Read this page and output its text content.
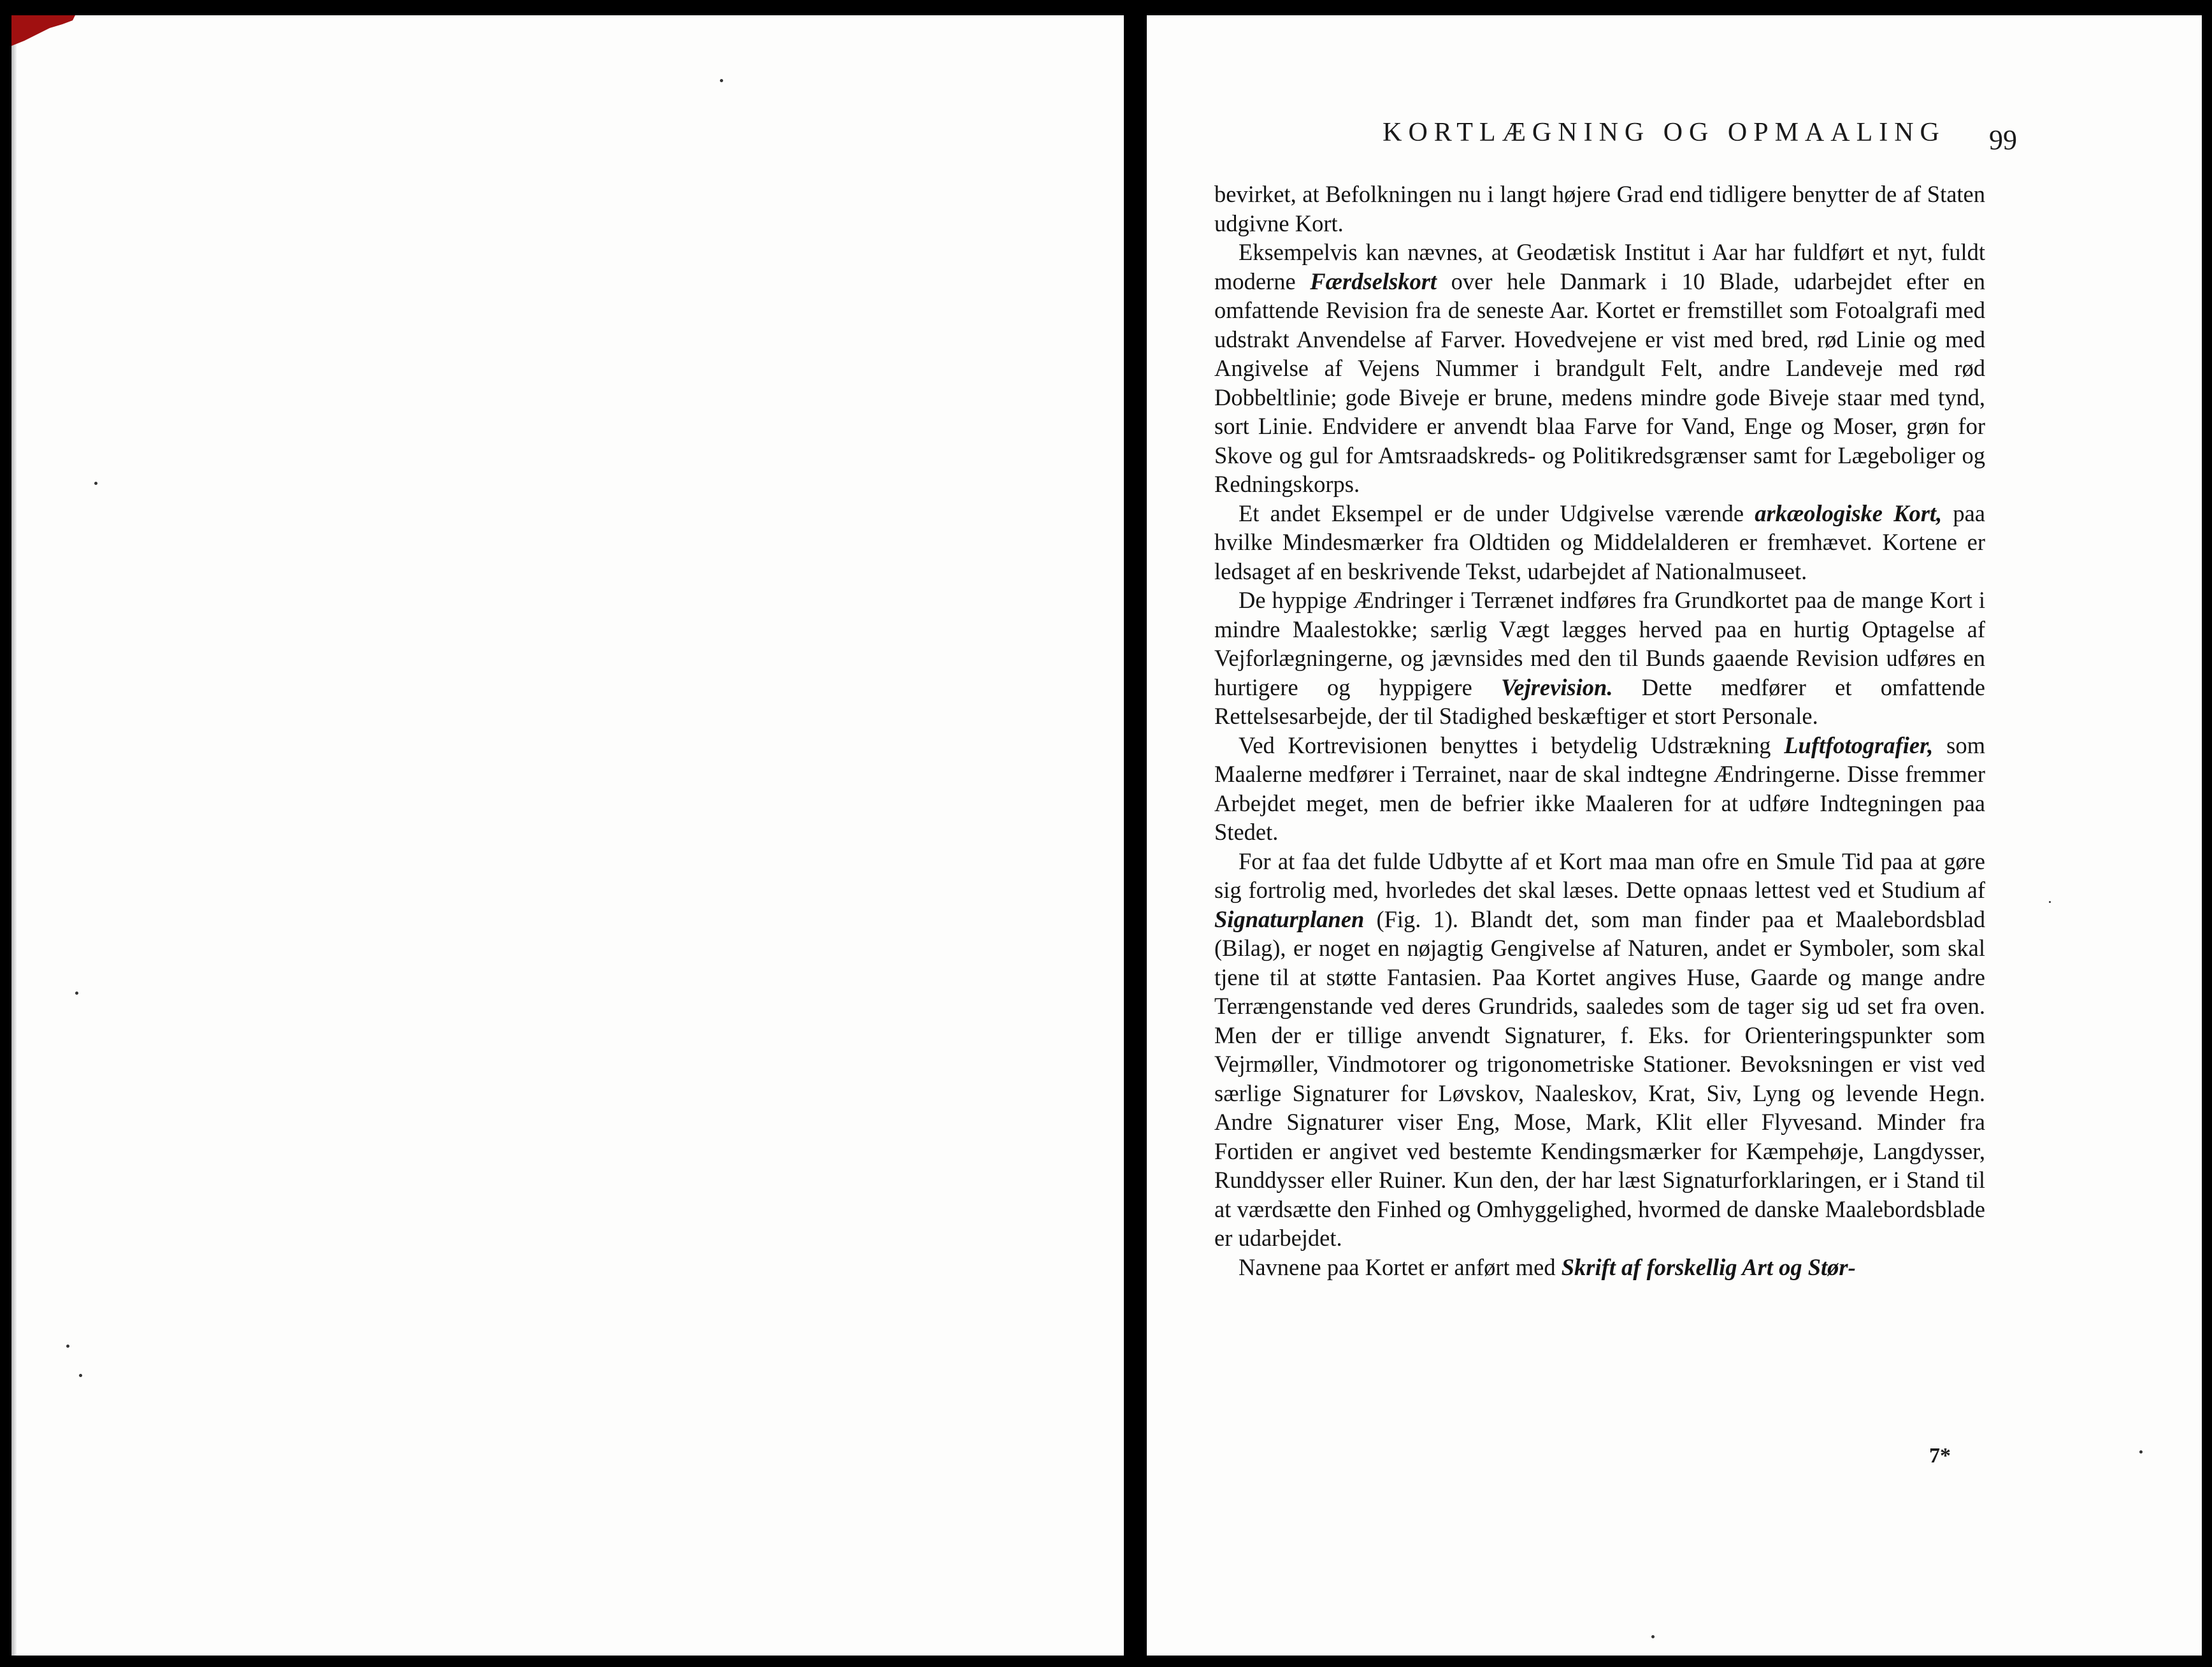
KORTLÆGNING OG OPMAALING	99

bevirket, at Befolkningen nu i langt højere Grad end tidligere benytter de af Staten udgivne Kort.

Eksempelvis kan nævnes, at Geodætisk Institut i Aar har fuldført et nyt, fuldt moderne Færdselskort over hele Danmark i 10 Blade, udarbejdet efter en omfattende Revision fra de seneste Aar. Kortet er fremstillet som Fotoalgrafi med udstrakt Anvendelse af Farver. Hovedvejene er vist med bred, rød Linie og med Angivelse af Vejens Nummer i brandgult Felt, andre Landeveje med rød Dobbeltlinie; gode Biveje er brune, medens mindre gode Biveje staar med tynd, sort Linie. Endvidere er anvendt blaa Farve for Vand, Enge og Moser, grøn for Skove og gul for Amtsraadskreds- og Politikredsgrænser samt for Lægeboliger og Redningskorps.

Et andet Eksempel er de under Udgivelse værende arkæologiske Kort, paa hvilke Mindesmærker fra Oldtiden og Middelalderen er fremhævet. Kortene er ledsaget af en beskrivende Tekst, udarbejdet af Nationalmuseet.

De hyppige Ændringer i Terrænet indføres fra Grundkortet paa de mange Kort i mindre Maalestokke; særlig Vægt lægges herved paa en hurtig Optagelse af Vejforlægningerne, og jævnsides med den til Bunds gaaende Revision udføres en hurtigere og hyppigere Vejrevision. Dette medfører et omfattende Rettelsesarbejde, der til Stadighed beskæftiger et stort Personale.

Ved Kortrevisionen benyttes i betydelig Udstrækning Luftfotografier, som Maalerne medfører i Terrainet, naar de skal indtegne Ændringerne. Disse fremmer Arbejdet meget, men de befrier ikke Maaleren for at udføre Indtegningen paa Stedet.

For at faa det fulde Udbytte af et Kort maa man ofre en Smule Tid paa at gøre sig fortrolig med, hvorledes det skal læses. Dette opnaas lettest ved et Studium af Signaturplanen (Fig. 1). Blandt det, som man finder paa et Maalebordsblad (Bilag), er noget en nøjagtig Gengivelse af Naturen, andet er Symboler, som skal tjene til at støtte Fantasien. Paa Kortet angives Huse, Gaarde og mange andre Terrængenstande ved deres Grundrids, saaledes som de tager sig ud set fra oven. Men der er tillige anvendt Signaturer, f. Eks. for Orienteringspunkter som Vejrmøller, Vindmotorer og trigonometriske Stationer. Bevoksningen er vist ved særlige Signaturer for Løvskov, Naaleskov, Krat, Siv, Lyng og levende Hegn. Andre Signaturer viser Eng, Mose, Mark, Klit eller Flyvesand. Minder fra Fortiden er angivet ved bestemte Kendingsmærker for Kæmpehøje, Langdysser, Runddysser eller Ruiner. Kun den, der har læst Signaturforklaringen, er i Stand til at værdsætte den Finhed og Omhyggelighed, hvormed de danske Maalebordsblade er udarbejdet.

Navnene paa Kortet er anført med Skrift af forskellig Art og Stør-

7*
